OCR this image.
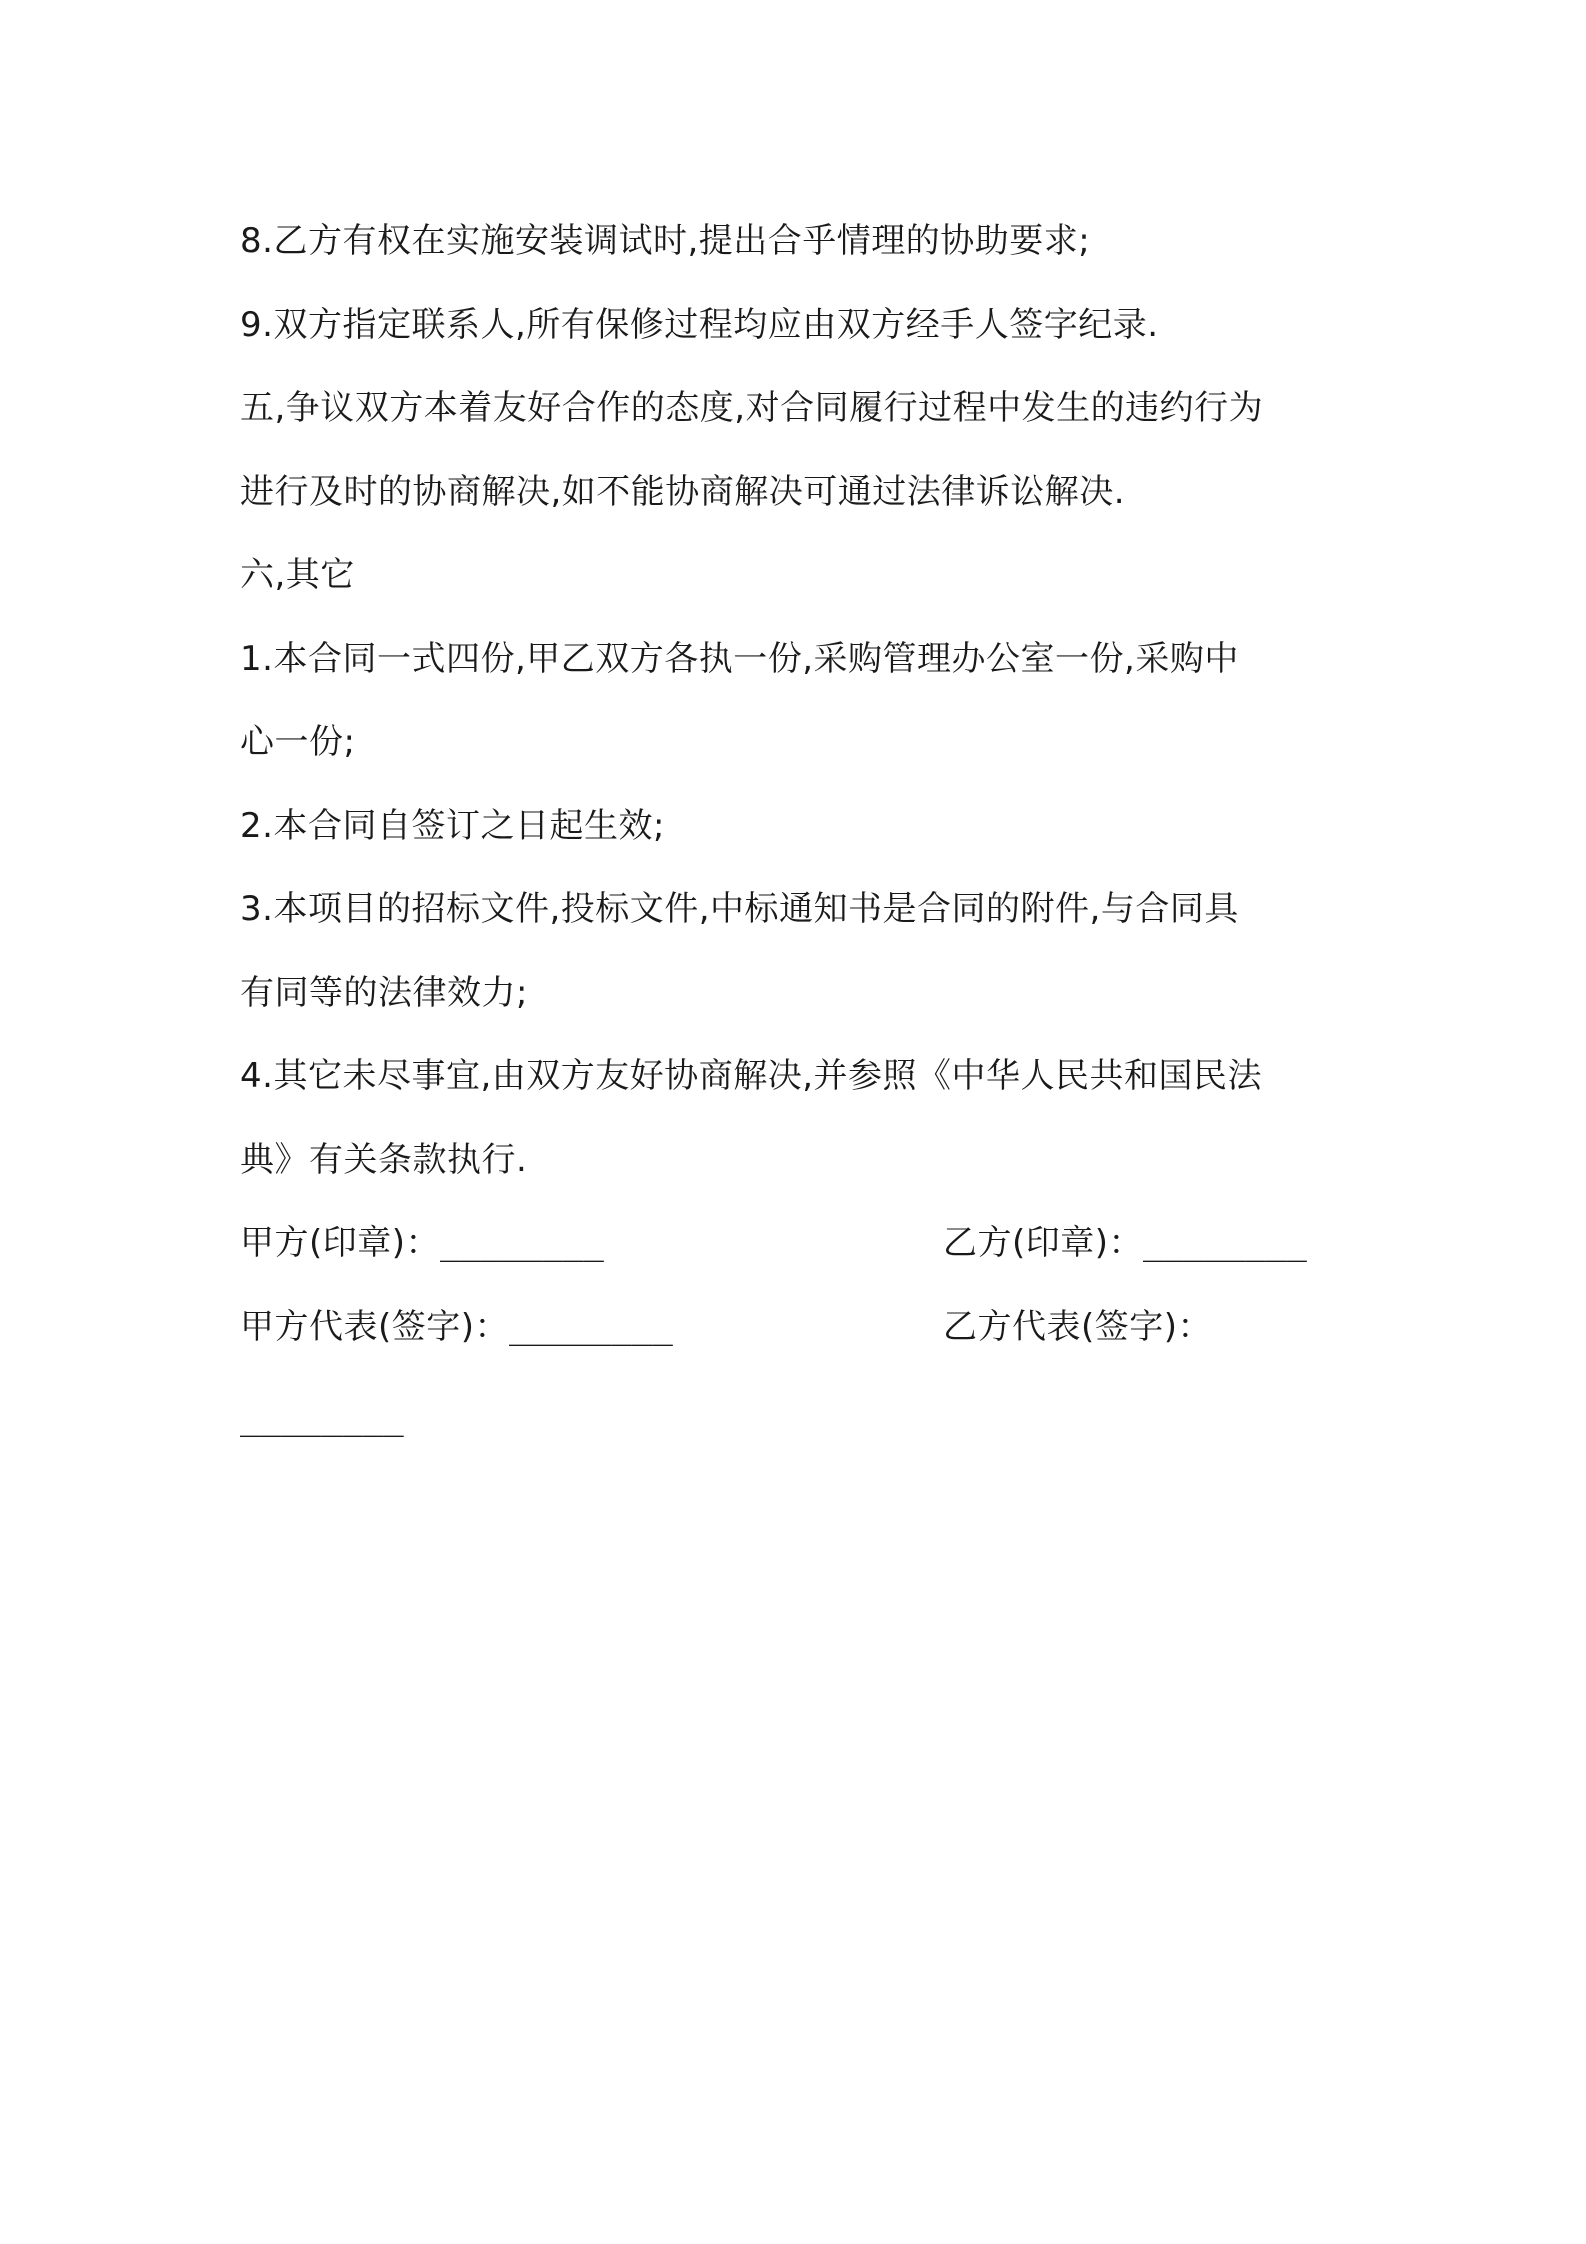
8.乙方有权在实施安装调试时,提出合乎情理的协助要求;
9.双方指定联系人,所有保修过程均应由双方经手人签字纪录.
五,争议双方本着友好合作的态度,对合同履行过程中发生的违约行为
进行及时的协商解决,如不能协商解决可通过法律诉讼解决.
六,其它
1.本合同一式四份,甲乙双方各执一份,采购管理办公室一份,采购中
心一份;
2.本合同自签订之日起生效;
3.本项目的招标文件,投标文件,中标通知书是合同的附件,与合同具
有同等的法律效力;
4.其它未尽事宜,由双方友好协商解决,并参照《中华人民共和国民法
典》有关条款执行.
甲方(印章)：________	乙方(印章)：________
甲方代表(签字)：________	乙方代表(签字)：
________
